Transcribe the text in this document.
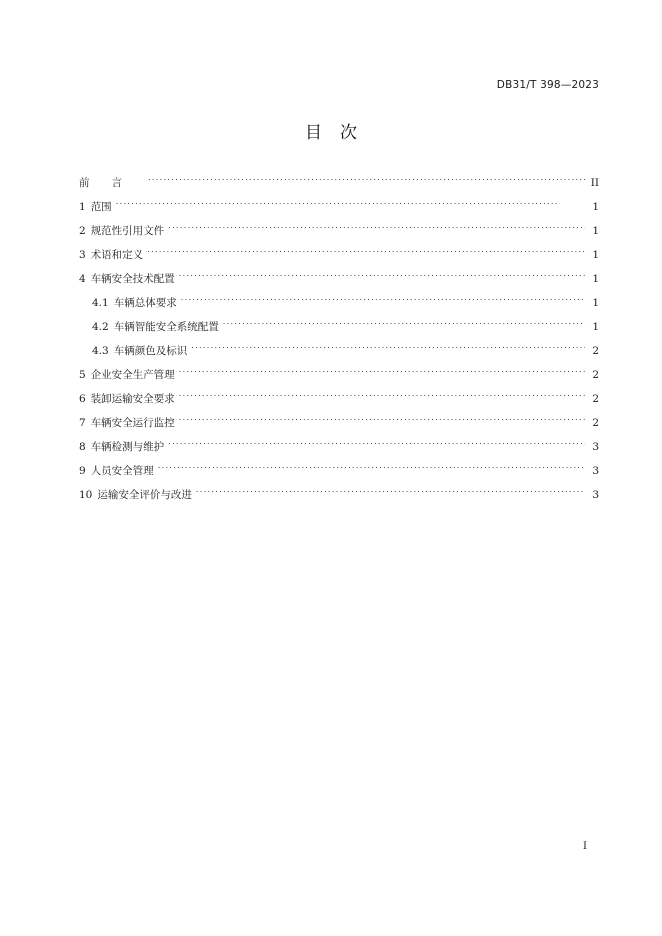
DB31/T 398—2023
目次
前言 . . .	II
1 范围 . . .	1
2 规范性引用文件 . . .	1
3 术语和定义 . . .	1
4 车辆安全技术配置 . . .	1
4.1 车辆总体要求 . . .	1
4.2 车辆智能安全系统配置 . . .	1
4.3 车辆颜色及标识 . . .	2
5 企业安全生产管理 . . .	2
6 装卸运输安全要求 . . .	2
7 车辆安全运行监控 . . .	2
8 车辆检测与维护 . . .	3
9 人员安全管理 . . .	3
10 运输安全评价与改进 . . .	3
I
